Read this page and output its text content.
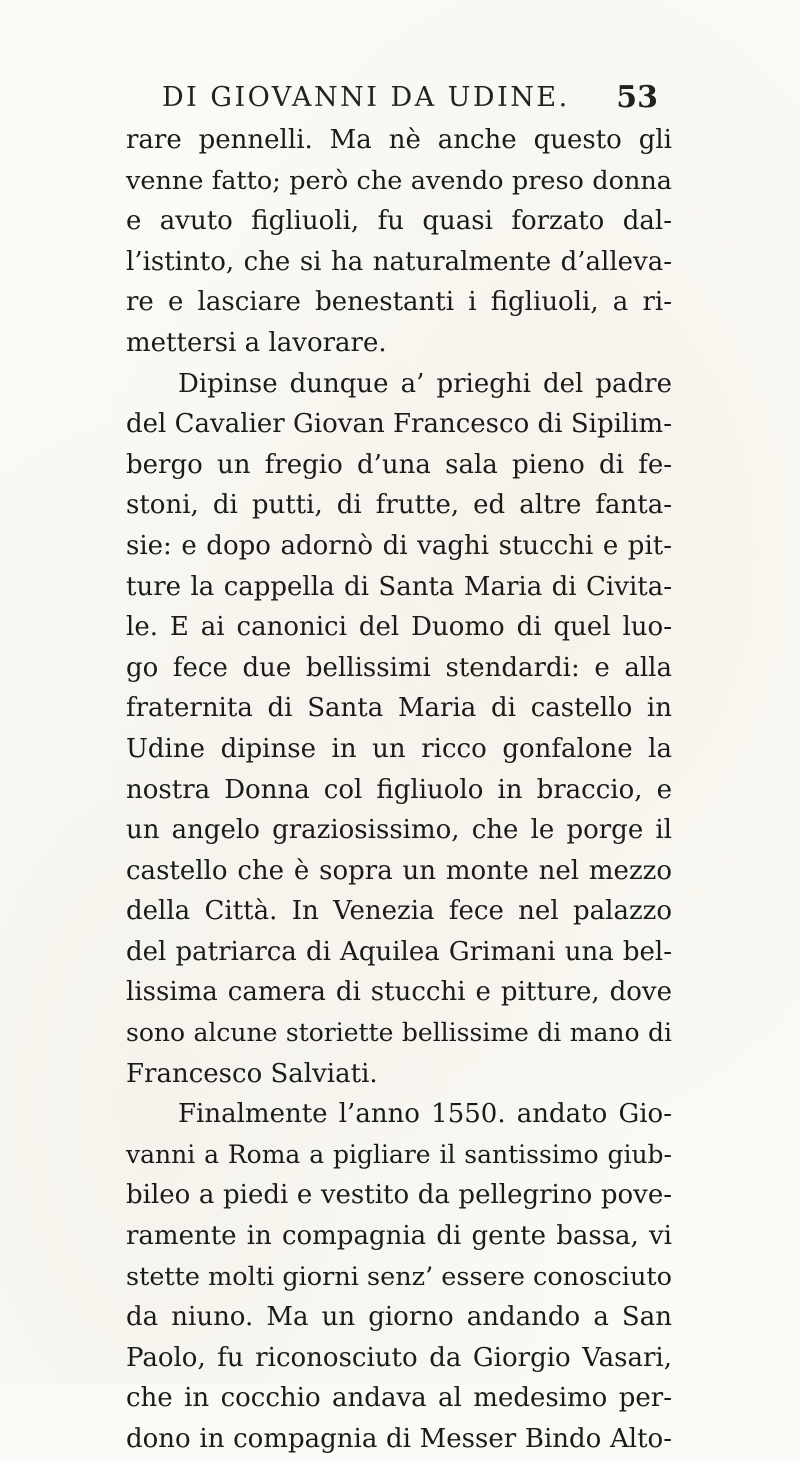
DI GIOVANNI DA UDINE. 53
rare pennelli. Ma nè anche questo gli
venne fatto; però che avendo preso donna
e avuto figliuoli, fu quasi forzato dal-
l’istinto, che si ha naturalmente d’alleva-
re e lasciare benestanti i figliuoli, a ri-
mettersi a lavorare.
Dipinse dunque a’ prieghi del padre
del Cavalier Giovan Francesco di Sipilim-
bergo un fregio d’una sala pieno di fe-
stoni, di putti, di frutte, ed altre fanta-
sie: e dopo adornò di vaghi stucchi e pit-
ture la cappella di Santa Maria di Civita-
le. E ai canonici del Duomo di quel luo-
go fece due bellissimi stendardi: e alla
fraternita di Santa Maria di castello in
Udine dipinse in un ricco gonfalone la
nostra Donna col figliuolo in braccio, e
un angelo graziosissimo, che le porge il
castello che è sopra un monte nel mezzo
della Città. In Venezia fece nel palazzo
del patriarca di Aquilea Grimani una bel-
lissima camera di stucchi e pitture, dove
sono alcune storiette bellissime di mano di
Francesco Salviati.
Finalmente l’anno 1550. andato Gio-
vanni a Roma a pigliare il santissimo giub-
bileo a piedi e vestito da pellegrino pove-
ramente in compagnia di gente bassa, vi
stette molti giorni senz’ essere conosciuto
da niuno. Ma un giorno andando a San
Paolo, fu riconosciuto da Giorgio Vasari,
che in cocchio andava al medesimo per-
dono in compagnia di Messer Bindo Alto-
